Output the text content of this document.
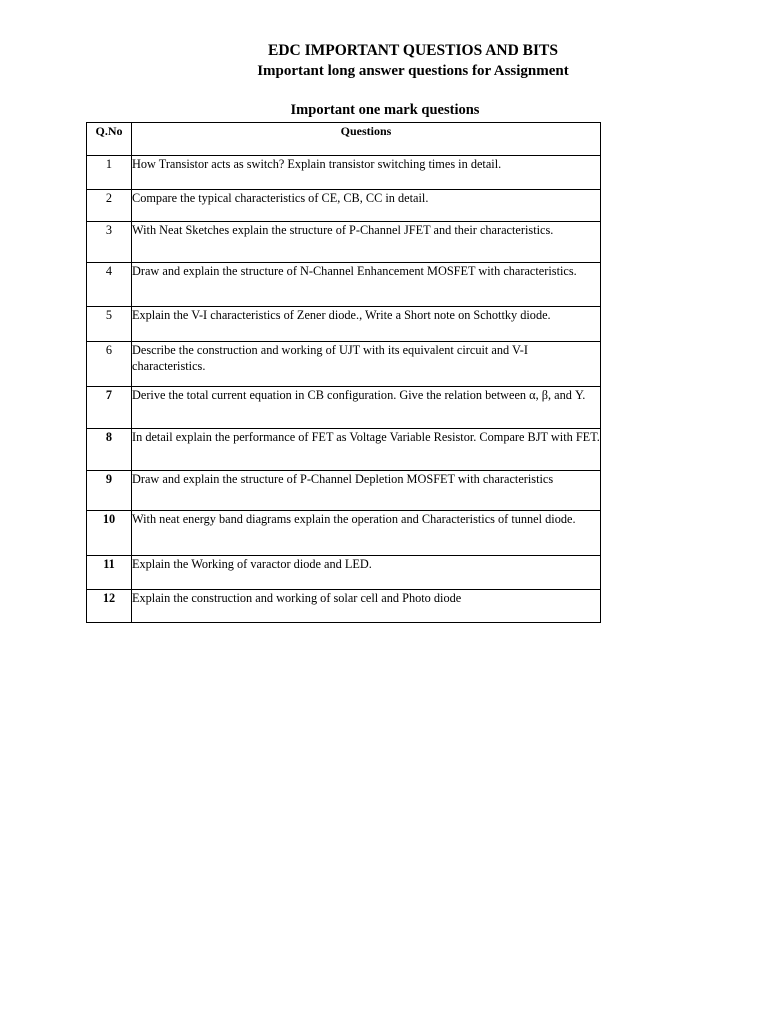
EDC IMPORTANT QUESTIOS AND BITS
Important long answer questions for Assignment
Important one mark questions
Q.No	Questions
1	How Transistor acts as switch? Explain transistor switching times in detail.
2	Compare the typical characteristics of CE, CB, CC in detail.
3	With Neat Sketches explain the structure of P-Channel JFET and their characteristics.
4	Draw and explain the structure of N-Channel Enhancement MOSFET with characteristics.
5	Explain the V-I characteristics of Zener diode., Write a Short note on Schottky diode.
6	Describe the construction and working of UJT with its equivalent circuit and V-I characteristics.
7	Derive the total current equation in CB configuration. Give the relation between α, β, and Υ.
8	In detail explain the performance of FET as Voltage Variable Resistor. Compare BJT with FET.
9	Draw and explain the structure of P-Channel Depletion MOSFET with characteristics
10	With neat energy band diagrams explain the operation and Characteristics of tunnel diode.
11	Explain the Working of varactor diode and LED.
12	Explain the construction and working of solar cell and Photo diode
